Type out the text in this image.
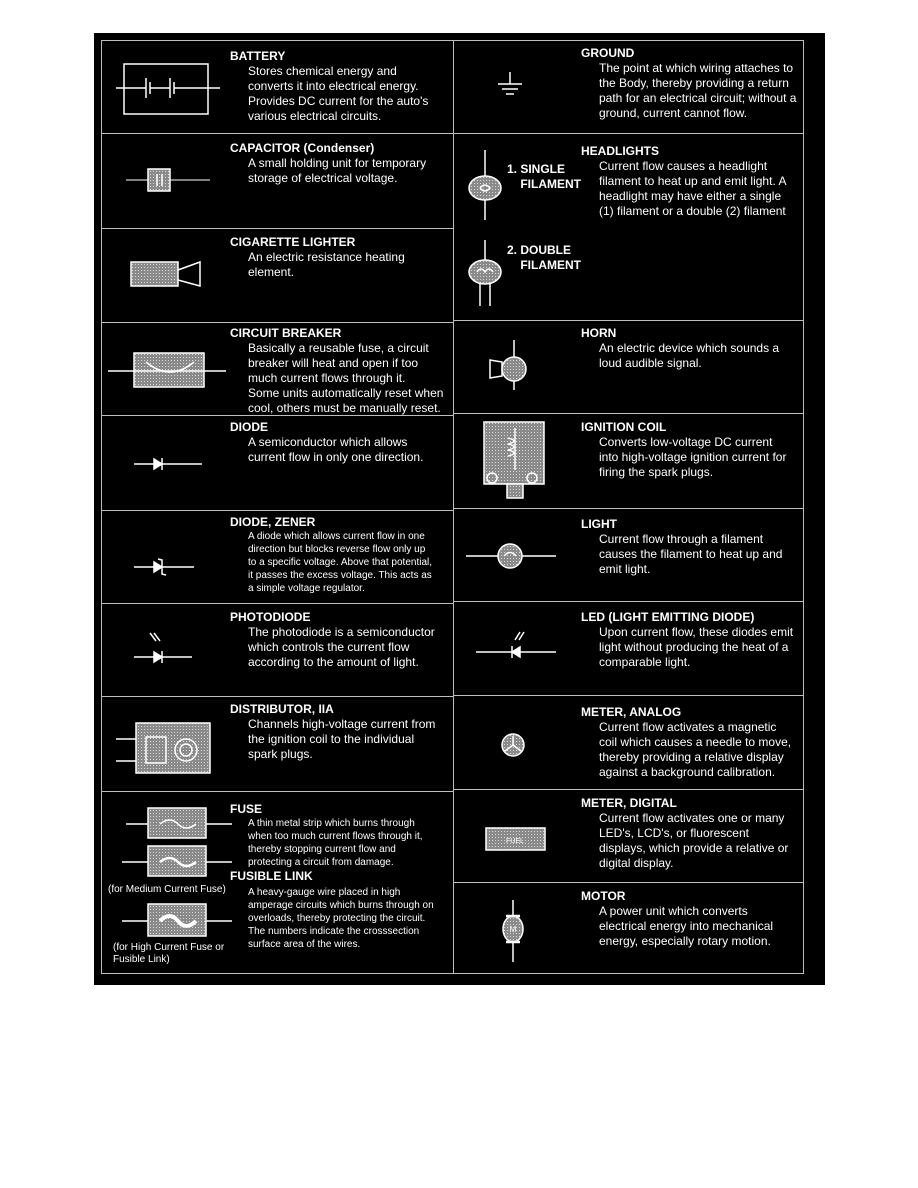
BATTERY
Stores chemical energy and
converts it into electrical energy.
Provides DC current for the auto's
various electrical circuits.
CAPACITOR (Condenser)
A small holding unit for temporary
storage of electrical voltage.
CIGARETTE LIGHTER
An electric resistance heating
element.
CIRCUIT BREAKER
Basically a reusable fuse, a circuit
breaker will heat and open if too
much current flows through it.
Some units automatically reset when
cool, others must be manually reset.
DIODE
A semiconductor which allows
current flow in only one direction.
DIODE, ZENER
A diode which allows current flow in one
direction but blocks reverse flow only up
to a specific voltage. Above that potential,
it passes the excess voltage. This acts as
a simple voltage regulator.
PHOTODIODE
The photodiode is a semiconductor
which controls the current flow
according to the amount of light.
DISTRIBUTOR, IIA
Channels high-voltage current from
the ignition coil to the individual
spark plugs.
FUSE
A thin metal strip which burns through
when too much current flows through it,
thereby stopping current flow and
protecting a circuit from damage.
FUSIBLE LINK
A heavy-gauge wire placed in high
amperage circuits which burns through on
overloads, thereby protecting the circuit.
The numbers indicate the crosssection
surface area of the wires.
(for Medium Current Fuse)
(for High Current Fuse or
Fusible Link)
GROUND
The point at which wiring attaches to
the Body, thereby providing a return
path for an electrical circuit; without a
ground, current cannot flow.
HEADLIGHTS
Current flow causes a headlight
filament to heat up and emit light. A
headlight may have either a single
(1) filament or a double (2) filament
1. SINGLE
FILAMENT
2. DOUBLE
FILAMENT
HORN
An electric device which sounds a
loud audible signal.
IGNITION COIL
Converts low-voltage DC current
into high-voltage ignition current for
firing the spark plugs.
LIGHT
Current flow through a filament
causes the filament to heat up and
emit light.
LED (LIGHT EMITTING DIODE)
Upon current flow, these diodes emit
light without producing the heat of a
comparable light.
METER, ANALOG
Current flow activates a magnetic
coil which causes a needle to move,
thereby providing a relative display
against a background calibration.
METER, DIGITAL
Current flow activates one or many
LED's, LCD's, or fluorescent
displays, which provide a relative or
digital display.
MOTOR
A power unit which converts
electrical energy into mechanical
energy, especially rotary motion.
FUEL
M
